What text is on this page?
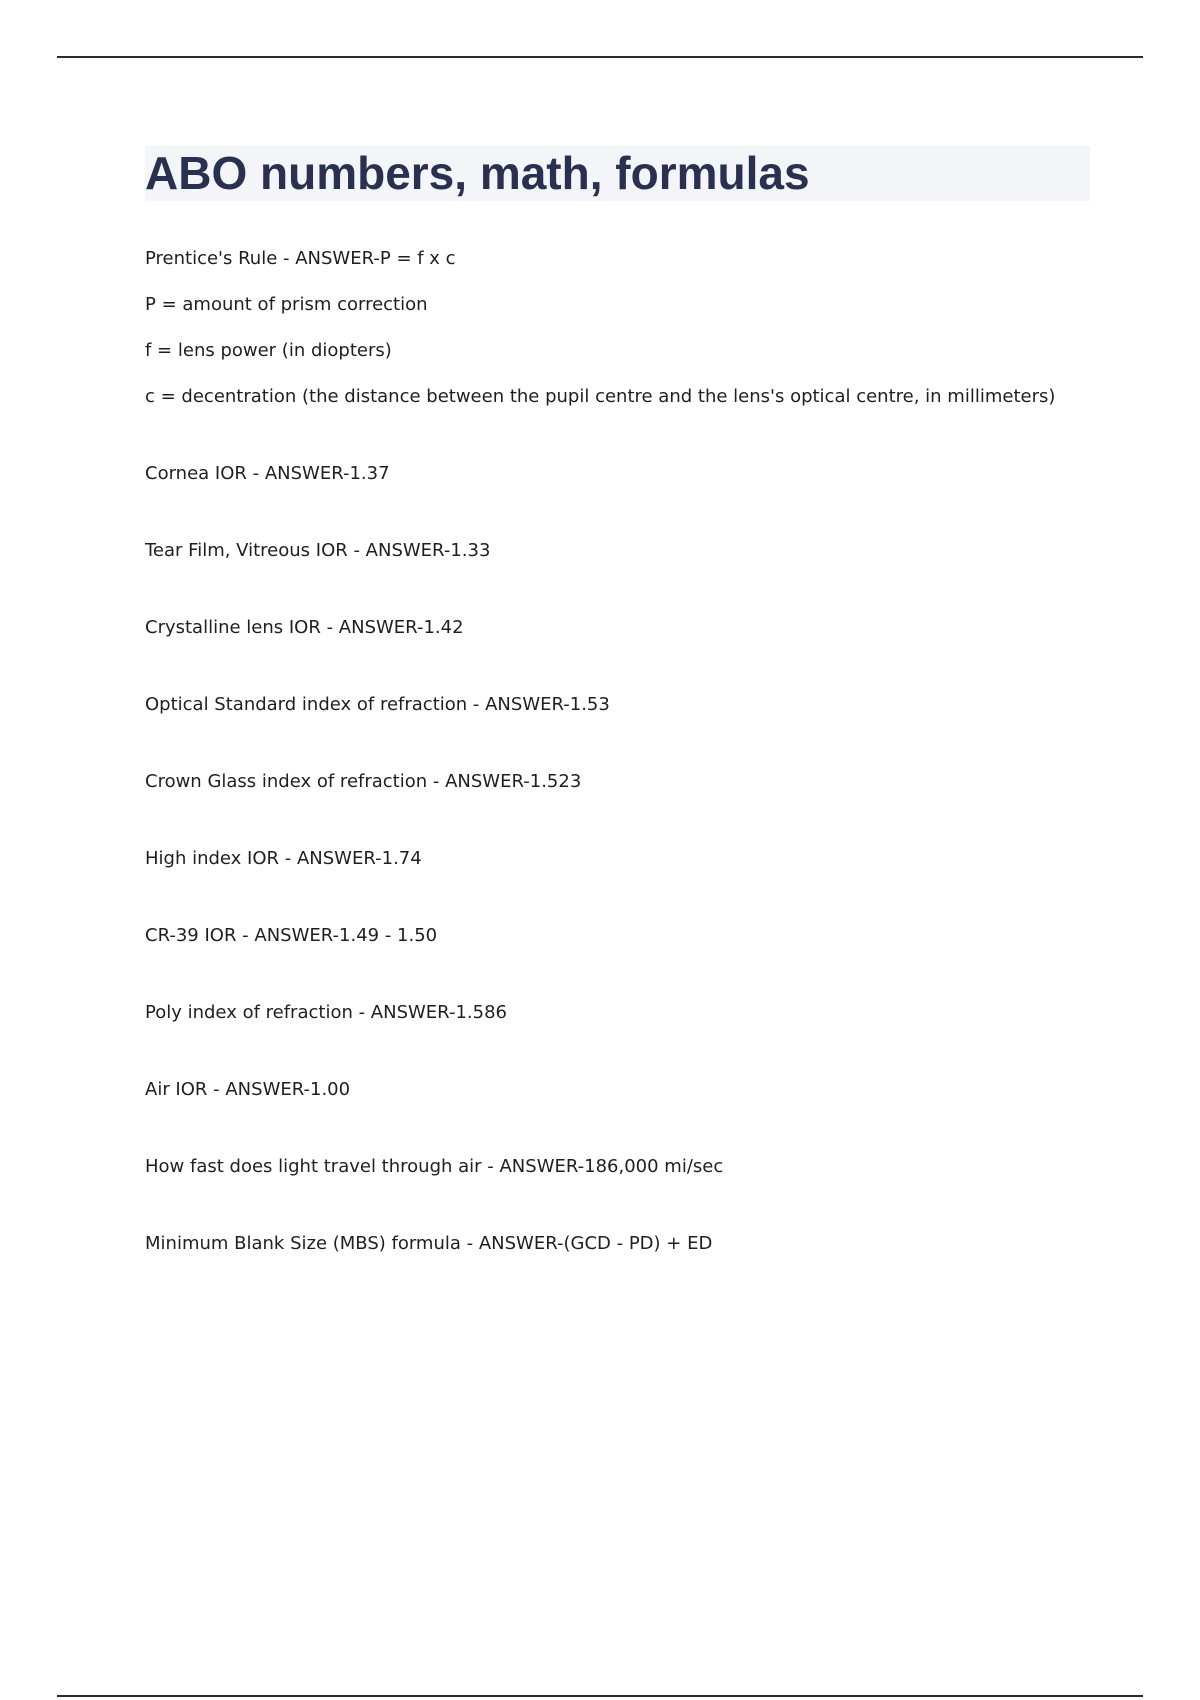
ABO numbers, math, formulas

Prentice's Rule - ANSWER-P = f x c

P = amount of prism correction

f = lens power (in diopters)

c = decentration (the distance between the pupil centre and the lens's optical centre, in millimeters)

Cornea IOR - ANSWER-1.37

Tear Film, Vitreous IOR - ANSWER-1.33

Crystalline lens IOR - ANSWER-1.42

Optical Standard index of refraction - ANSWER-1.53

Crown Glass index of refraction - ANSWER-1.523

High index IOR - ANSWER-1.74

CR-39 IOR - ANSWER-1.49 - 1.50

Poly index of refraction - ANSWER-1.586

Air IOR - ANSWER-1.00

How fast does light travel through air - ANSWER-186,000 mi/sec

Minimum Blank Size (MBS) formula - ANSWER-(GCD - PD) + ED
